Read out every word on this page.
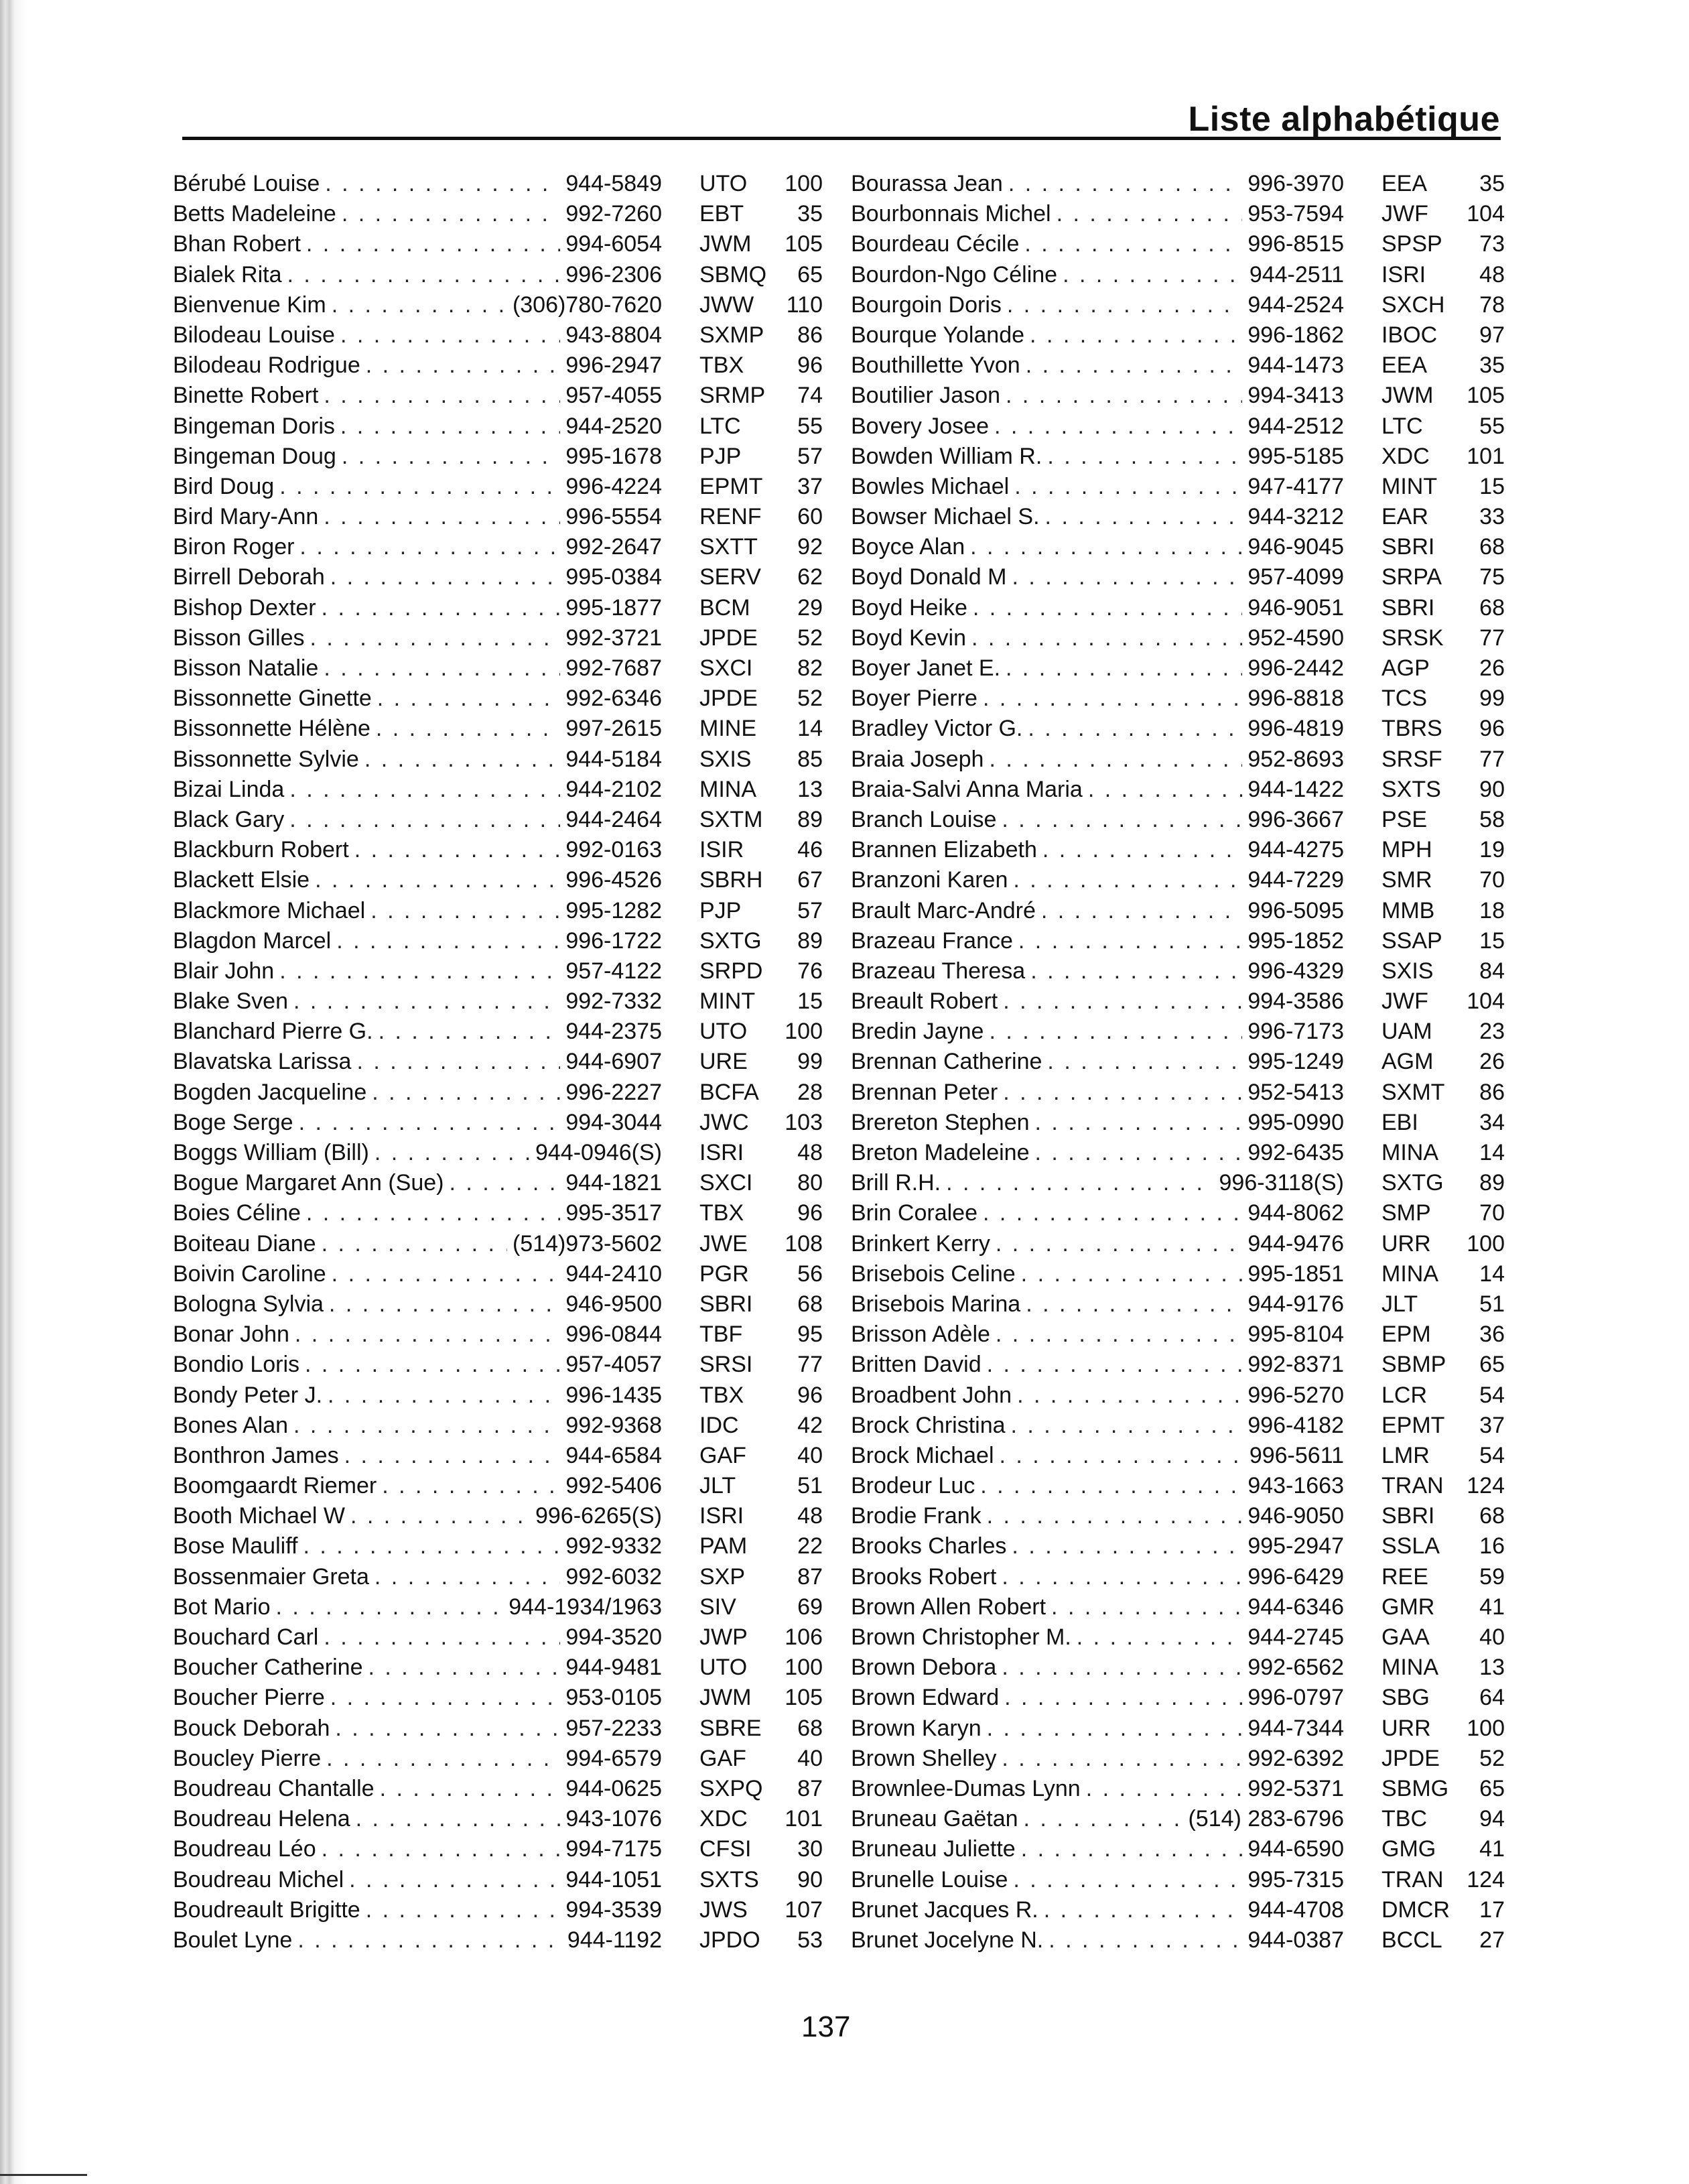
Liste alphabétique
Bérubé Louise . . .	944-5849 UTO	100
Betts Madeleine . . .	992-7260 EBT	35
Bhan Robert . . .	994-6054 JWM	105
Bialek Rita . . .	996-2306 SBMQ	65
Bienvenue Kim . . .	(306)780-7620 JWW	110
Bilodeau Louise . . .	943-8804 SXMP	86
Bilodeau Rodrigue . . .	996-2947 TBX	96
Binette Robert . . .	957-4055 SRMP	74
Bingeman Doris . . .	944-2520 LTC	55
Bingeman Doug . . .	995-1678 PJP	57
Bird Doug . . .	996-4224 EPMT	37
Bird Mary-Ann . . .	996-5554 RENF	60
Biron Roger . . .	992-2647 SXTT	92
Birrell Deborah . . .	995-0384 SERV	62
Bishop Dexter . . .	995-1877 BCM	29
Bisson Gilles . . .	992-3721 JPDE	52
Bisson Natalie . . .	992-7687 SXCI	82
Bissonnette Ginette . . .	992-6346 JPDE	52
Bissonnette Hélène . . .	997-2615 MINE	14
Bissonnette Sylvie . . .	944-5184 SXIS	85
Bizai Linda . . .	944-2102 MINA	13
Black Gary . . .	944-2464 SXTM	89
Blackburn Robert . . .	992-0163 ISIR	46
Blackett Elsie . . .	996-4526 SBRH	67
Blackmore Michael . . .	995-1282 PJP	57
Blagdon Marcel . . .	996-1722 SXTG	89
Blair John . . .	957-4122 SRPD	76
Blake Sven . . .	992-7332 MINT	15
Blanchard Pierre G. . . .	944-2375 UTO	100
Blavatska Larissa . . .	944-6907 URE	99
Bogden Jacqueline . . .	996-2227 BCFA	28
Boge Serge . . .	994-3044 JWC	103
Boggs William (Bill) . . .	944-0946(S) ISRI	48
Bogue Margaret Ann (Sue) . . .	944-1821 SXCI	80
Boies Céline . . .	995-3517 TBX	96
Boiteau Diane . . .	(514)973-5602 JWE	108
Boivin Caroline . . .	944-2410 PGR	56
Bologna Sylvia . . .	946-9500 SBRI	68
Bonar John . . .	996-0844 TBF	95
Bondio Loris . . .	957-4057 SRSI	77
Bondy Peter J. . . .	996-1435 TBX	96
Bones Alan . . .	992-9368 IDC	42
Bonthron James . . .	944-6584 GAF	40
Boomgaardt Riemer . . .	992-5406 JLT	51
Booth Michael W . . .	996-6265(S) ISRI	48
Bose Mauliff . . .	992-9332 PAM	22
Bossenmaier Greta . . .	992-6032 SXP	87
Bot Mario . . .	944-1934/1963 SIV	69
Bouchard Carl . . .	994-3520 JWP	106
Boucher Catherine . . .	944-9481 UTO	100
Boucher Pierre . . .	953-0105 JWM	105
Bouck Deborah . . .	957-2233 SBRE	68
Boucley Pierre . . .	994-6579 GAF	40
Boudreau Chantalle . . .	944-0625 SXPQ	87
Boudreau Helena . . .	943-1076 XDC	101
Boudreau Léo . . .	994-7175 CFSI	30
Boudreau Michel . . .	944-1051 SXTS	90
Boudreault Brigitte . . .	994-3539 JWS	107
Boulet Lyne . . .	944-1192 JPDO	53
Bourassa Jean . . .	996-3970 EEA	35
Bourbonnais Michel . . .	953-7594 JWF	104
Bourdeau Cécile . . .	996-8515 SPSP	73
Bourdon-Ngo Céline . . .	944-2511 ISRI	48
Bourgoin Doris . . .	944-2524 SXCH	78
Bourque Yolande . . .	996-1862 IBOC	97
Bouthillette Yvon . . .	944-1473 EEA	35
Boutilier Jason . . .	994-3413 JWM	105
Bovery Josee . . .	944-2512 LTC	55
Bowden William R. . . .	995-5185 XDC	101
Bowles Michael . . .	947-4177 MINT	15
Bowser Michael S. . . .	944-3212 EAR	33
Boyce Alan . . .	946-9045 SBRI	68
Boyd Donald M . . .	957-4099 SRPA	75
Boyd Heike . . .	946-9051 SBRI	68
Boyd Kevin . . .	952-4590 SRSK	77
Boyer Janet E. . . .	996-2442 AGP	26
Boyer Pierre . . .	996-8818 TCS	99
Bradley Victor G. . . .	996-4819 TBRS	96
Braia Joseph . . .	952-8693 SRSF	77
Braia-Salvi Anna Maria . . .	944-1422 SXTS	90
Branch Louise . . .	996-3667 PSE	58
Brannen Elizabeth . . .	944-4275 MPH	19
Branzoni Karen . . .	944-7229 SMR	70
Brault Marc-André . . .	996-5095 MMB	18
Brazeau France . . .	995-1852 SSAP	15
Brazeau Theresa . . .	996-4329 SXIS	84
Breault Robert . . .	994-3586 JWF	104
Bredin Jayne . . .	996-7173 UAM	23
Brennan Catherine . . .	995-1249 AGM	26
Brennan Peter . . .	952-5413 SXMT	86
Brereton Stephen . . .	995-0990 EBI	34
Breton Madeleine . . .	992-6435 MINA	14
Brill R.H. . . .	996-3118(S) SXTG	89
Brin Coralee . . .	944-8062 SMP	70
Brinkert Kerry . . .	944-9476 URR	100
Brisebois Celine . . .	995-1851 MINA	14
Brisebois Marina . . .	944-9176 JLT	51
Brisson Adèle . . .	995-8104 EPM	36
Britten David . . .	992-8371 SBMP	65
Broadbent John . . .	996-5270 LCR	54
Brock Christina . . .	996-4182 EPMT	37
Brock Michael . . .	996-5611 LMR	54
Brodeur Luc . . .	943-1663 TRAN	124
Brodie Frank . . .	946-9050 SBRI	68
Brooks Charles . . .	995-2947 SSLA	16
Brooks Robert . . .	996-6429 REE	59
Brown Allen Robert . . .	944-6346 GMR	41
Brown Christopher M. . . .	944-2745 GAA	40
Brown Debora . . .	992-6562 MINA	13
Brown Edward . . .	996-0797 SBG	64
Brown Karyn . . .	944-7344 URR	100
Brown Shelley . . .	992-6392 JPDE	52
Brownlee-Dumas Lynn . . .	992-5371 SBMG	65
Bruneau Gaëtan . . .	(514) 283-6796 TBC	94
Bruneau Juliette . . .	944-6590 GMG	41
Brunelle Louise . . .	995-7315 TRAN	124
Brunet Jacques R. . . .	944-4708 DMCR	17
Brunet Jocelyne N. . . .	944-0387 BCCL	27
137
